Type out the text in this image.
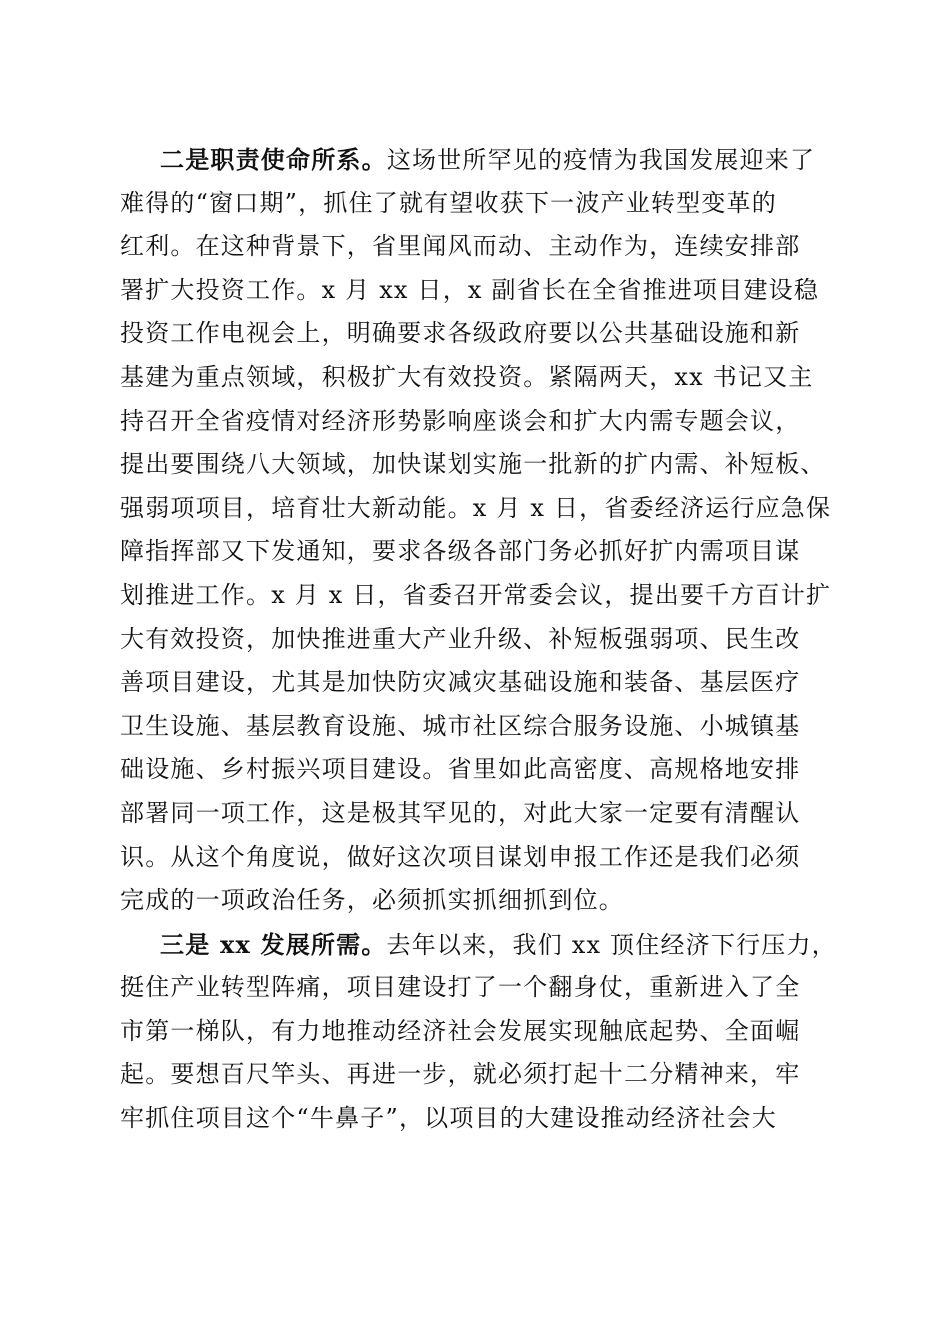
二是职责使命所系。这场世所罕见的疫情为我国发展迎来了
难得的“窗口期”，抓住了就有望收获下一波产业转型变革的
红利。在这种背景下，省里闻风而动、主动作为，连续安排部
署扩大投资工作。x 月 xx 日，x 副省长在全省推进项目建设稳
投资工作电视会上，明确要求各级政府要以公共基础设施和新
基建为重点领域，积极扩大有效投资。紧隔两天，xx 书记又主
持召开全省疫情对经济形势影响座谈会和扩大内需专题会议，
提出要围绕八大领域，加快谋划实施一批新的扩内需、补短板、
强弱项项目，培育壮大新动能。x 月 x 日，省委经济运行应急保
障指挥部又下发通知，要求各级各部门务必抓好扩内需项目谋
划推进工作。x 月 x 日，省委召开常委会议，提出要千方百计扩
大有效投资，加快推进重大产业升级、补短板强弱项、民生改
善项目建设，尤其是加快防灾减灾基础设施和装备、基层医疗
卫生设施、基层教育设施、城市社区综合服务设施、小城镇基
础设施、乡村振兴项目建设。省里如此高密度、高规格地安排
部署同一项工作，这是极其罕见的，对此大家一定要有清醒认
识。从这个角度说，做好这次项目谋划申报工作还是我们必须
完成的一项政治任务，必须抓实抓细抓到位。
三是 xx 发展所需。去年以来，我们 xx 顶住经济下行压力，
挺住产业转型阵痛，项目建设打了一个翻身仗，重新进入了全
市第一梯队，有力地推动经济社会发展实现触底起势、全面崛
起。要想百尺竿头、再进一步，就必须打起十二分精神来，牢
牢抓住项目这个“牛鼻子”，以项目的大建设推动经济社会大
